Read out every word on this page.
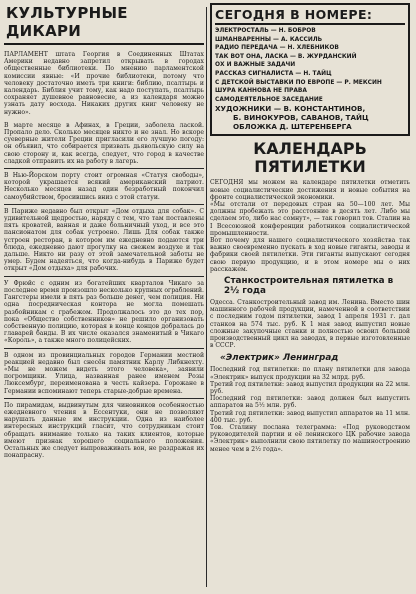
КУЛЬТУРНЫЕ ДИКАРИ

ПАРЛАМЕНТ штата Георгия в Соединенных Штатах Америки недавно запретил открывать в городах общественные библиотеки. По мнению парламентской комиссии явные: «И прочие библиотеки, потому что человеку достаточно иметь три книги: библию, псалтырь и календарь. Библия учит тому, как надо поступать, псалтырь сохраняет душевное равновесие, а из календаря можно узнать дату восхода. Никаких других книг человеку не нужно».

В марте месяце в Афинах, в Греции, заболела лаской. Пропало дело. Сколько месяцев никто и не знал. Но вскоре суеверные жители Греции пригласили его лучшую погоду: он объявил, что собирается призвать дьявольскую силу на свою сторону и, как всегда, следует, что город в качестве сладкой отправить их на работу в лагерь.

В Нью-Йорском порту стоит огромная «Статуя свободы», которой украшается всякий американский патриот. Несколько месяцев назад один безработный покончил самоубийством, бросившись вниз с этой статуи.

В Париже недавно был открыт «Дом отдыха для собак». С удивительной щедростью, наряду с тем, что там поставлены пять кроватей, ванная и даже больничный уход, и все это пансионатом для собак устроено. Лишь Для собак также устроен ресторан, в котором им ежедневно подаются три блюда, ежедневно дают прогулку на свежем воздухе и так дальше. Никто ни разу от этой замечательной заботы не умер. Будем надеяться, что когда-нибудь в Париже будет открыт «Дом отдыха» для рабочих.

У Фрюйс с одним из богатейших кварталов Чикаго за последнее время произошло несколько крупных ограблений. Гангстеры имели в пять раз больше денег, чем полиция. Ни одна посредническая контора не могла помешать разбойникам с грабежом. Продолжалось это до тех пор, пока «Общество собственников» не решило организовать собственную полицию, которая в конце концов добралась до главарей банды. В их числе оказался знаменитый в Чикаго «Король», а также много полицейских.

В одном из провинциальных городов Германии местной реакцией недавно был снесён памятник Карлу Либкнехту. «Мы не можем видеть этого человека», заявили погромщики. Улица, названная ранее именем Розы Люксембург, переименована в честь кайзера. Горожане в Германии вспоминают теперь старые-добрые времена.

По пирамидам, выдвинутым для чиновников особенностью ежедневного чтения в Ессентуки, они не позволяют нарушать данные им инструкции. Одна из наиболее интересных инструкций гласит, что сотрудникам стоит обращать внимание только на таких клиентов, которые имеют признак хорошего социального положения. Остальных же следует выпроваживать вон, не раздражая их понапрасну.

СЕГОДНЯ В НОМЕРЕ:
ЭЛЕКТРОСТАЛЬ — Н. БОБРОВ
ШМАНВАРЕННЫ — А. КАССИЛЬ
РАДИО ПЕРЕДАЧА — Н. ХЛЕБНИКОВ
ТАК ВОТ ОНА, ЛАСКА — В. ЖУРДАНСКИЙ
ОХ И ВАЖНЫЕ ЗАДАЧИ
РАССКАЗ СИГНАЛИСТА — Н. ТАЙЦ
С ДЕТСКОЙ ВЫСТАВКИ ПО ЕВРОПЕ — Р. МЕКСИН
ШУРА КАННОВА НЕ ПРАВА
САМОДЕЯТЕЛЬНОЕ ЗАСЕДАНИЕ
ХУДОЖНИКИ — В. КОНСТАНТИНОВ,
Б. ВИНОКУРОВ, САВАНОВ, ТАЙЦ
ОБЛОЖКА Д. ШТЕРЕНБЕРГА
КАЛЕНДАРЬ ПЯТИЛЕТКИ

СЕГОДНЯ мы можем на календаре пятилетки отметить новые социалистические достижения и новые события на фронте социалистической экономики.

«Мы отстали от передовых стран на 50—100 лет. Мы должны пробежать это расстояние в десять лет. Либо мы сделаем это, либо нас сомнут», — так говорил тов. Сталин на I Всесоюзной конференции работников социалистической промышленности.

Вот почему для нашего социалистического хозяйства так важно своевременно пускать в ход новые гиганты, заводы и фабрики своей пятилетки. Эти гиганты выпускают сегодня свою первую продукцию, и в этом номере мы о них расскажем.

Станкостроительная пятилетка в 2½ года

Одесса. Станкостроительный завод им. Ленина. Вместо шин машинного рабочей продукции, намеченной в соответствии с последним годом пятилетки, завод 1 апреля 1931 г. дал станков на 574 тыс. руб. К 1 мая завод выпустил новые сложные закупочные станки и полностью освоил большой производственный цикл на заводах, в первые изготовленные в СССР.

«Электрик» Ленинград

Последний год пятилетки: по плану пятилетки для завода «Электрик» выпуск продукции на 32 млрд. руб.

Третий год пятилетки: завод выпустил продукции на 22 млн. руб.

Последний год пятилетки: завод должен был выпустить аппаратов на 5½ млн. руб.

Третий год пятилетки: завод выпустил аппаратов на 11 млн. 400 тыс. руб.

Тов. Сталину послана телеграмма: «Под руководством руководителей партии и её ленинского ЦК рабочие завода «Электрик» выполнили свою пятилетку по машиностроению менее чем в 2½ года».
